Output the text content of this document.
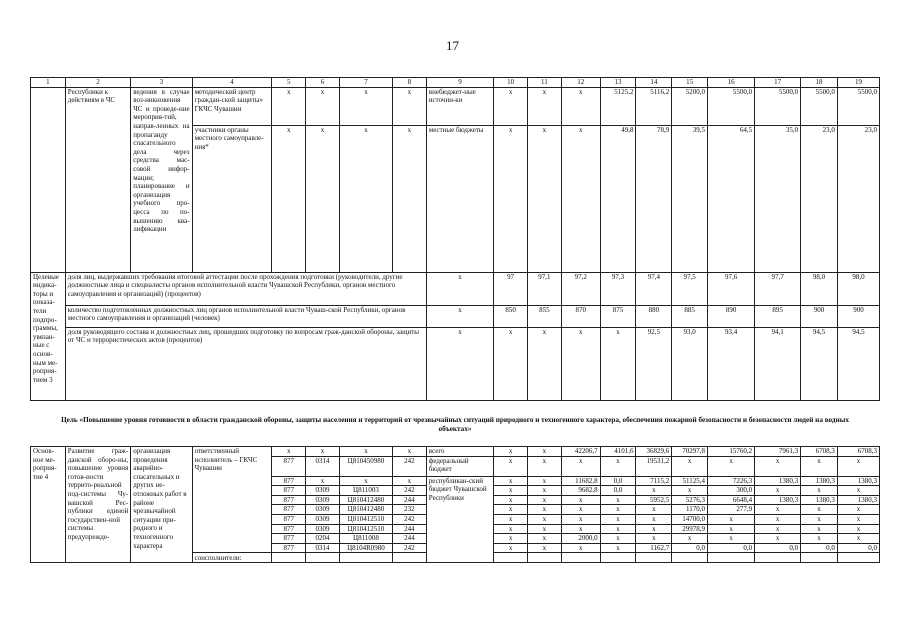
17
1	2	3	4	5	6	7	8	9	10	11	12	13	14	15	16	17	18	19
	Республики к действиям в ЧС	ведения в случае воз-никновения ЧС и проведе-ние мероприя-тий, направ-ленных на пропаганду спасательного дела через средства мас-совой инфор-мации; планирование и организация учебного про-цесса по по-вышению ква-лификации	методический центр граждан-ской защиты» ГКЧС Чувашии	x	x	x	x	внебюджет-ные источни-ки	x	x	x	5125,2	5116,2	5200,0	5500,0	5500,0	5500,0	5500,0
			участники органы местного самоуправле-ния*	x	x	x	x	местные бюджеты	x	x	x	49,8	78,9	39,5	64,5	35,0	23,0	23,0
Целевые индика-торы и показа-тели подпро-граммы, увязан-ные с основ-ным ме-роприя-тием 3	доля лиц, выдержавших требования итоговой аттестации после прохождения подготовки (руководители, другие должностные лица и специалисты органов исполнительной власти Чувашской Республики, органов местного самоуправления и организаций) (процентов)							x	97	97,1	97,2	97,3	97,4	97,5	97,6	97,7	98,0	98,0
	количество подготовленных должностных лиц органов исполнительной власти Чуваш-ской Республики, органов местного самоуправления и организаций (человек)							x	850	855	870	875	880	885	890	895	900	900
	доля руководящего состава и должностных лиц, прошедших подготовку по вопросам граж-данской обороны, защиты от ЧС и террористических актов (процентов)							x	x	x	x	x	92,5	93,0	93,4	94,1	94,5	94,5
Цель «Повышение уровня готовности в области гражданской обороны, защиты населения и территорий от чрезвычайных ситуаций природного и техногенного характера, обеспечения пожарной безопасности и безопасности людей на водных объектах»
Основ-ное ме-роприя-тие 4	Развитие граж-данской оборо-ны, повышение уровня готов-ности террито-риальной под-системы Чу-вашской Рес-публики единой государствен-ной системы предупрежде-	организация проведения аварийно-спасательных и других не-отложных работ в районе чрезвычайной ситуации при-родного и техногенного характера	ответственный исполнитель – ГКЧС Чувашии	x	x	x	x	всего	x	x	42206,7	4101,6	36829,6	70297,8	15760,2	7961,3	6708,3	6708,3
				877	0314	Ц810450980	242	федеральный бюджет	x	x	x	x	19531,2	x	x	x	x	x
				877	x	x	x	республикан-ский бюджет Чувашской Республики	x	x	11682,8	0,0	7115,2	51125,4	7226,3	1380,3	1380,3	1380,3
				877	0309	Ц811003	242		x	x	9682,8	0,0	x	x	300,0	x	x	x
				877	0309	Ц810412480	244		x	x	x	x	5952,5	5276,3	6648,4	1380,3	1380,3	1380,3
				877	0309	Ц810412480	232		x	x	x	x	x	1170,0	277,9	x	x	x
				877	0309	Ц810412510	242		x	x	x	x	x	14700,0	x	x	x	x
				877	0309	Ц810412510	244		x	x	x	x	x	29978,9	x	x	x	x
				877	0204	Ц811008	244		x	x	2000,0	x	x	x	x	x	x	x
				877	0314	Ц8104R0980	242		x	x	x	x	1162,7	0,0	0,0	0,0	0,0	0,0
			соисполнители:															
